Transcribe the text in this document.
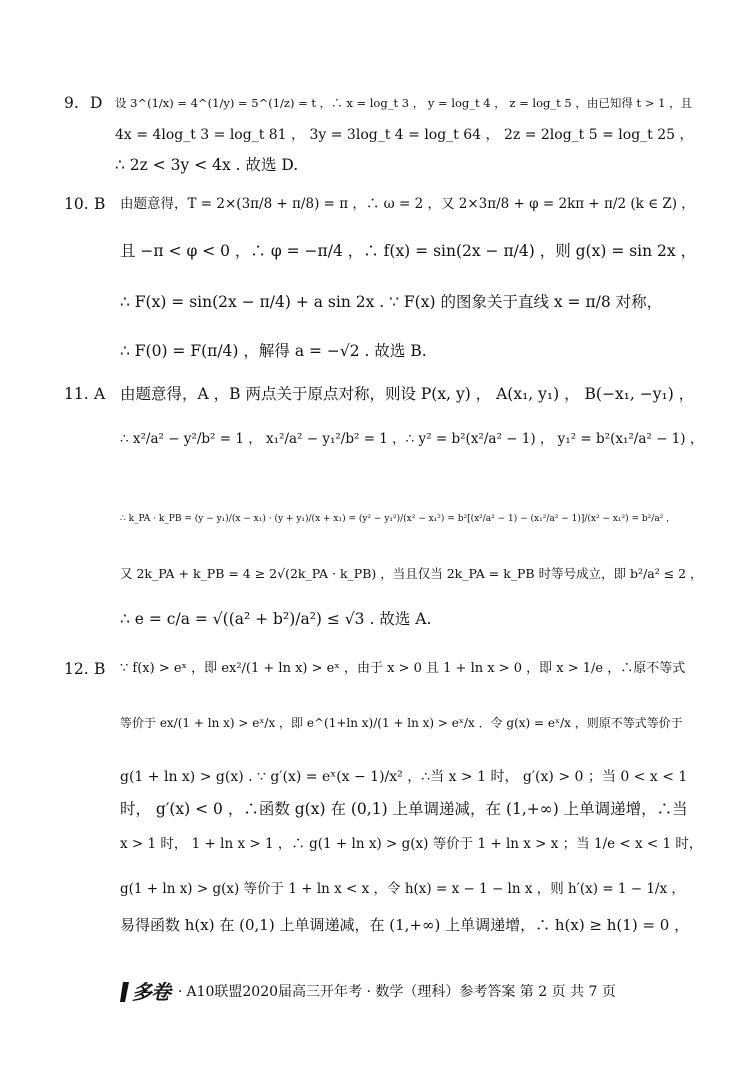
9. D 设 3^(1/x) = 4^(1/y) = 5^(1/z) = t ，∴ x = log_t 3 ， y = log_t 4 ， z = log_t 5 ，由已知得 t > 1 ，且
4x = 4log_t 3 = log_t 81 ， 3y = 3log_t 4 = log_t 64 ， 2z = 2log_t 5 = log_t 25 ，
∴ 2z < 3y < 4x . 故选 D.
10. B 由题意得，T = 2×(3π/8 + π/8) = π ，∴ ω = 2 ，又 2×3π/8 + φ = 2kπ + π/2 (k ∈ Z) ，
且 −π < φ < 0 ，∴ φ = −π/4 ，∴ f(x) = sin(2x − π/4) ，则 g(x) = sin 2x ，
∴ F(x) = sin(2x − π/4) + a sin 2x . ∵ F(x) 的图象关于直线 x = π/8 对称，
∴ F(0) = F(π/4) ，解得 a = −√2 . 故选 B.
11. A 由题意得，A ，B 两点关于原点对称，则设 P(x, y) ， A(x₁, y₁) ， B(−x₁, −y₁) ，
∴ x²/a² − y²/b² = 1 ， x₁²/a² − y₁²/b² = 1 ，∴ y² = b²(x²/a² − 1) ， y₁² = b²(x₁²/a² − 1) ，
∴ k_PA · k_PB = (y − y₁)/(x − x₁) · (y + y₁)/(x + x₁) = (y² − y₁²)/(x² − x₁²) = b²[(x²/a² − 1) − (x₁²/a² − 1)]/(x² − x₁²) = b²/a² ，
又 2k_PA + k_PB = 4 ≥ 2√(2k_PA · k_PB) ，当且仅当 2k_PA = k_PB 时等号成立，即 b²/a² ≤ 2 ，
∴ e = c/a = √((a² + b²)/a²) ≤ √3 . 故选 A.
12. B ∵ f(x) > eˣ ，即 ex²/(1 + ln x) > eˣ ，由于 x > 0 且 1 + ln x > 0 ，即 x > 1/e ，∴原不等式
等价于 ex/(1 + ln x) > eˣ/x ，即 e^(1+ln x)/(1 + ln x) > eˣ/x ．令 g(x) = eˣ/x ，则原不等式等价于
g(1 + ln x) > g(x) . ∵ g′(x) = eˣ(x − 1)/x² ，∴当 x > 1 时， g′(x) > 0 ；当 0 < x < 1
时， g′(x) < 0 ，∴函数 g(x) 在 (0,1) 上单调递减，在 (1,+∞) 上单调递增，∴当
x > 1 时， 1 + ln x > 1 ，∴ g(1 + ln x) > g(x) 等价于 1 + ln x > x ；当 1/e < x < 1 时，
g(1 + ln x) > g(x) 等价于 1 + ln x < x ，令 h(x) = x − 1 − ln x ，则 h′(x) = 1 − 1/x ，
易得函数 h(x) 在 (0,1) 上单调递减，在 (1,+∞) 上单调递增，∴ h(x) ≥ h(1) = 0 ，
多卷 · A10联盟2020届高三开年考 · 数学（理科）参考答案 第 2 页 共 7 页
